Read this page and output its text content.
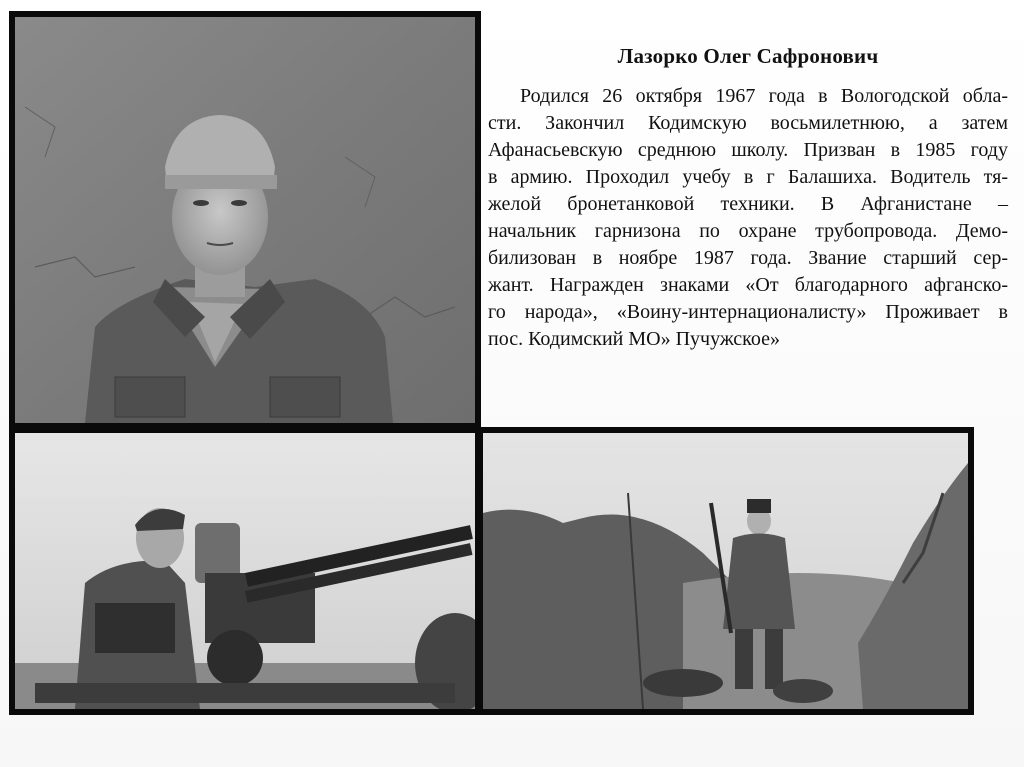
Лазорко Олег Сафронович

Родился 26 октября 1967 года в Вологодской обла-
сти. Закончил Кодимскую восьмилетнюю, а затем
Афанасьевскую среднюю школу. Призван в 1985 году
в армию. Проходил учебу в г Балашиха. Водитель тя-
желой бронетанковой техники. В Афганистане –
начальник гарнизона по охране трубопровода. Демо-
билизован в ноябре 1987 года. Звание старший сер-
жант. Награжден знаками «От благодарного афганско-
го народа», «Воину-интернационалисту» Проживает в
пос. Кодимский МО» Пучужское»
